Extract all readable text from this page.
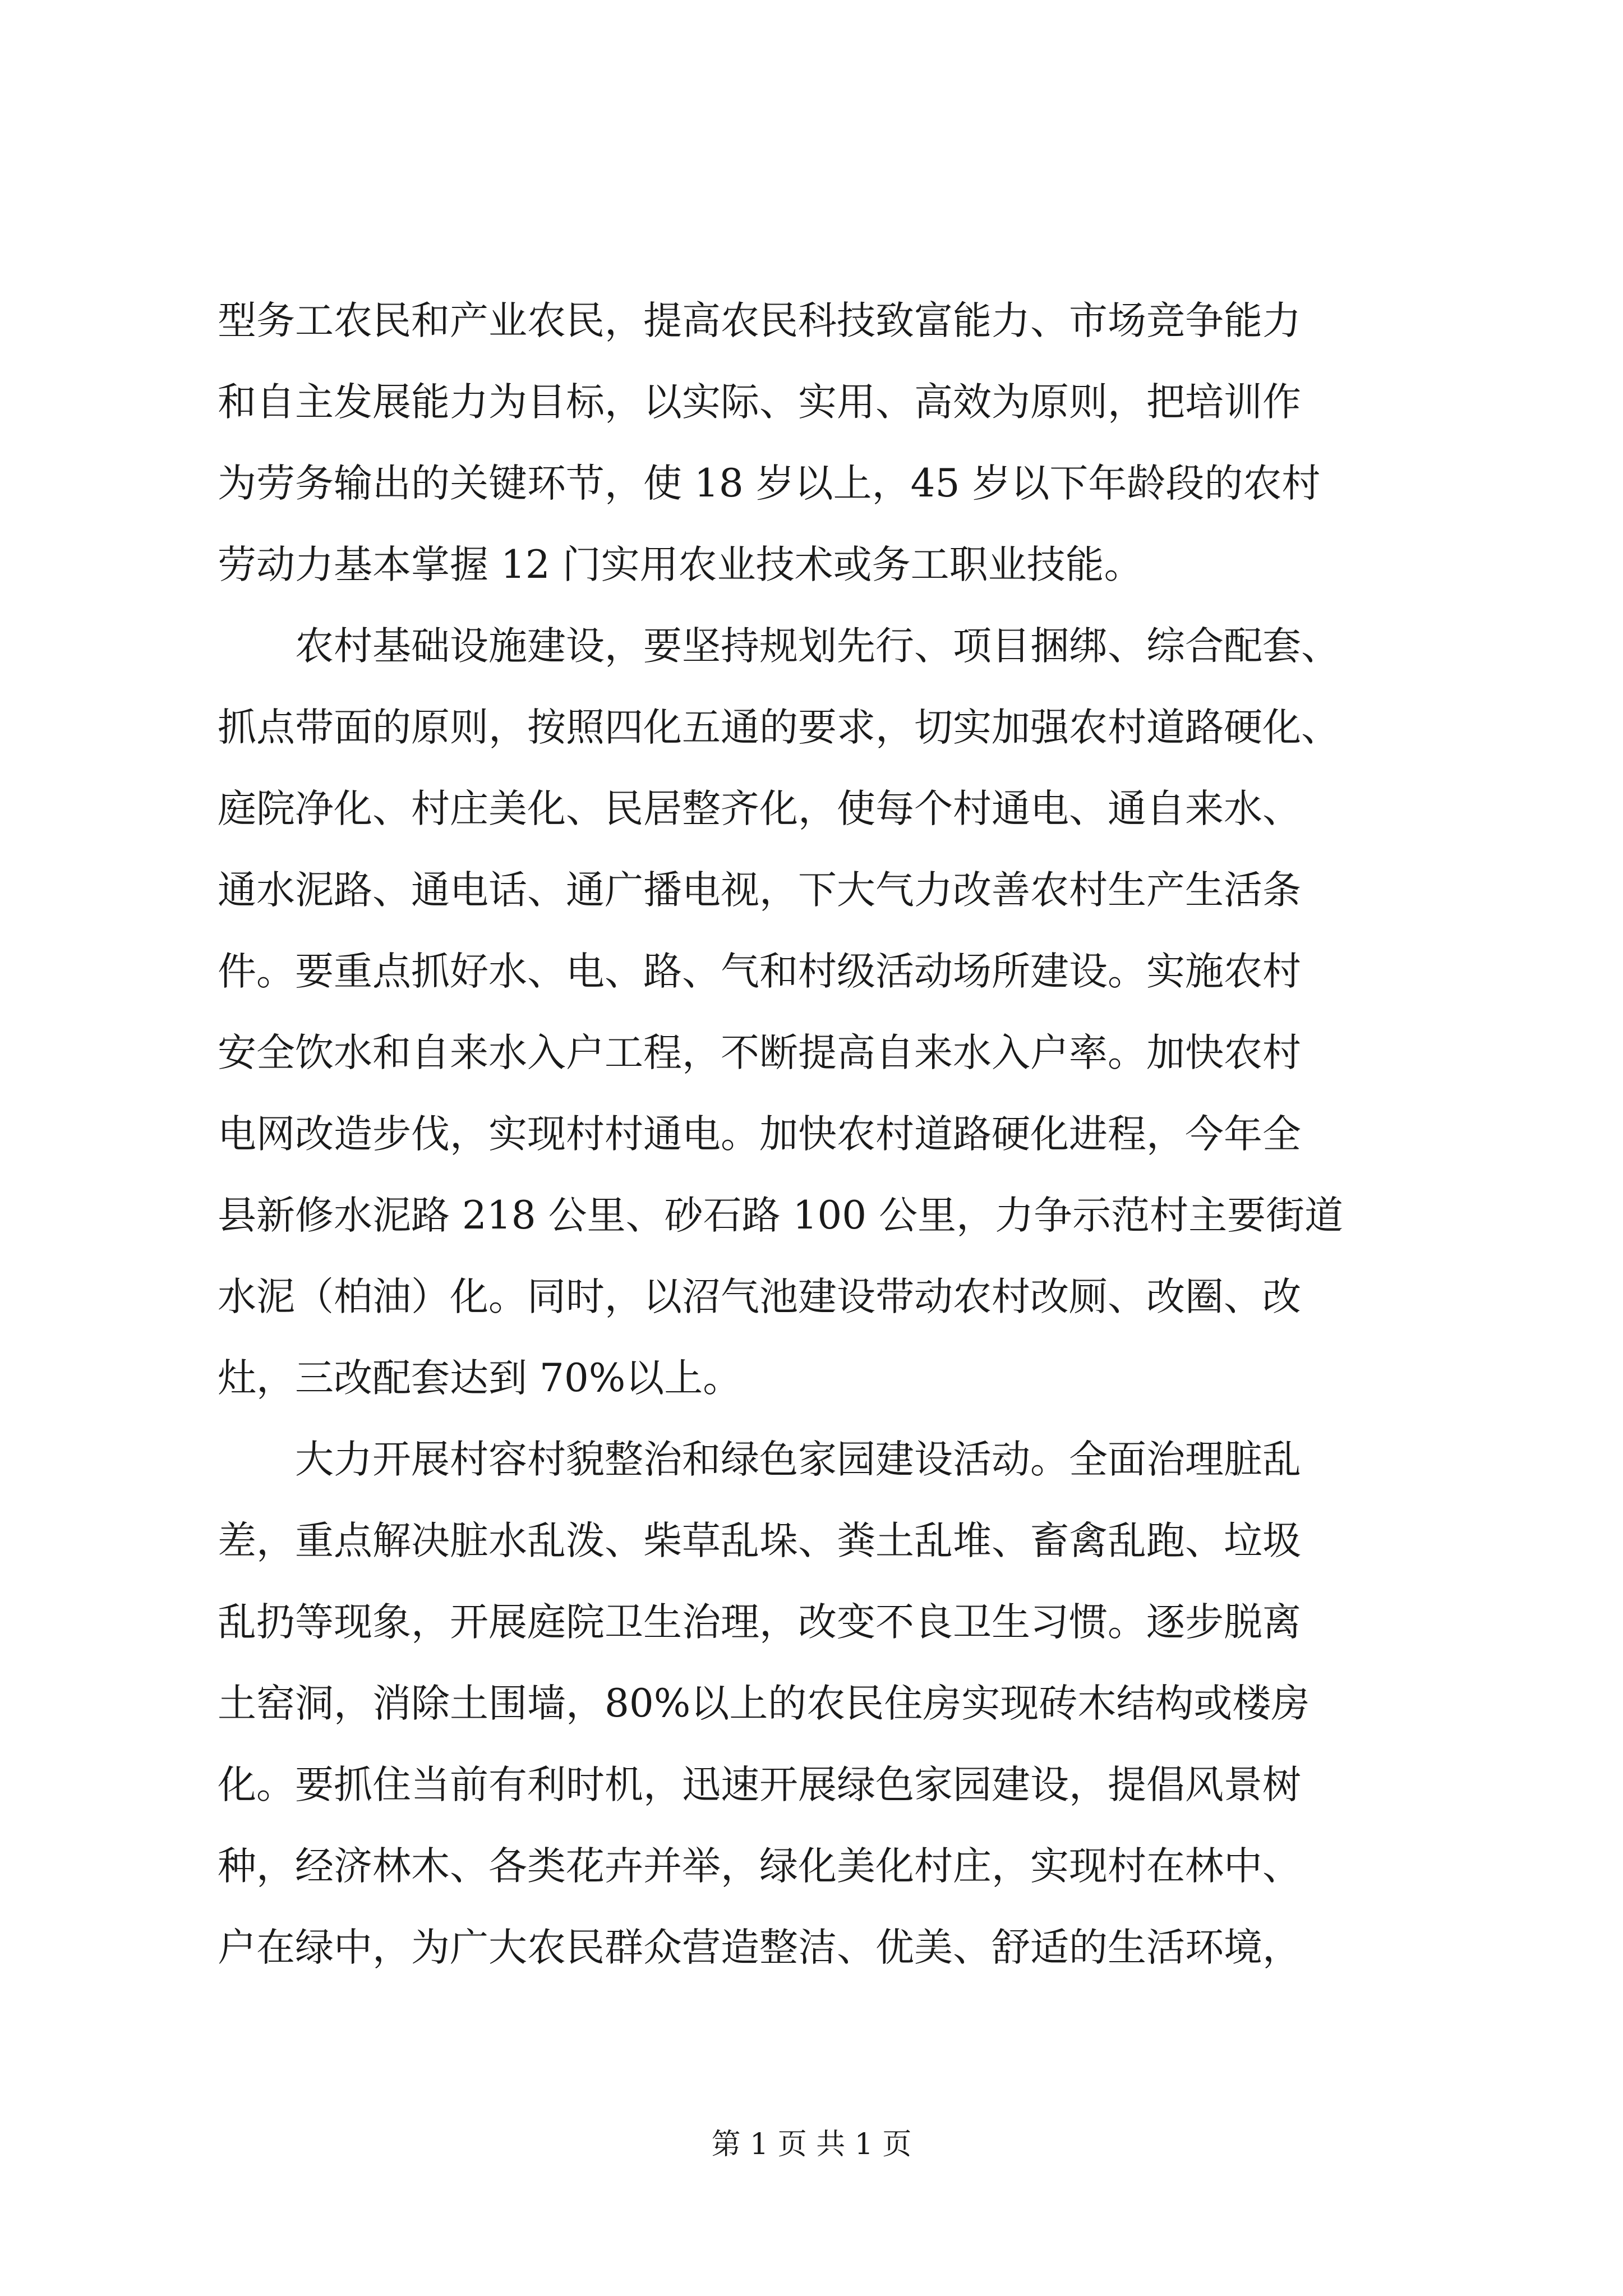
型务工农民和产业农民，提高农民科技致富能力、市场竞争能力
和自主发展能力为目标，以实际、实用、高效为原则，把培训作
为劳务输出的关键环节，使 18 岁以上，45 岁以下年龄段的农村
劳动力基本掌握 12 门实用农业技术或务工职业技能。
农村基础设施建设，要坚持规划先行、项目捆绑、综合配套、
抓点带面的原则，按照四化五通的要求，切实加强农村道路硬化、
庭院净化、村庄美化、民居整齐化，使每个村通电、通自来水、
通水泥路、通电话、通广播电视，下大气力改善农村生产生活条
件。要重点抓好水、电、路、气和村级活动场所建设。实施农村
安全饮水和自来水入户工程，不断提高自来水入户率。加快农村
电网改造步伐，实现村村通电。加快农村道路硬化进程，今年全
县新修水泥路 218 公里、砂石路 100 公里，力争示范村主要街道
水泥（柏油）化。同时，以沼气池建设带动农村改厕、改圈、改
灶，三改配套达到 70%以上。
大力开展村容村貌整治和绿色家园建设活动。全面治理脏乱
差，重点解决脏水乱泼、柴草乱垛、粪土乱堆、畜禽乱跑、垃圾
乱扔等现象，开展庭院卫生治理，改变不良卫生习惯。逐步脱离
土窑洞，消除土围墙，80%以上的农民住房实现砖木结构或楼房
化。要抓住当前有利时机，迅速开展绿色家园建设，提倡风景树
种，经济林木、各类花卉并举，绿化美化村庄，实现村在林中、
户在绿中，为广大农民群众营造整洁、优美、舒适的生活环境，
第 1 页 共 1 页
